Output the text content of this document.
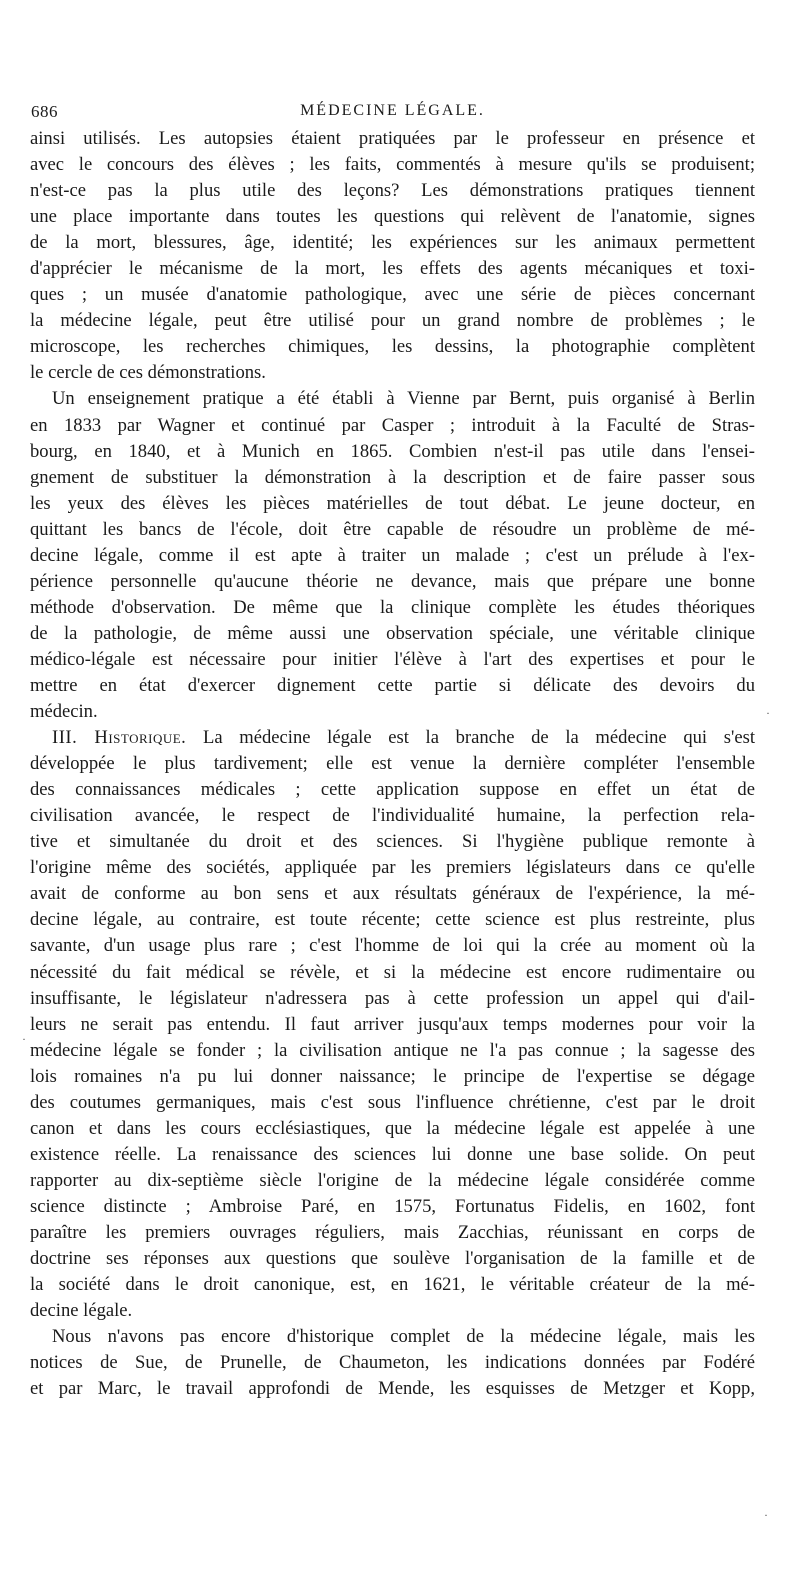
686	MÉDECINE LÉGALE.
ainsi utilisés. Les autopsies étaient pratiquées par le professeur en présence et
avec le concours des élèves ; les faits, commentés à mesure qu'ils se produisent;
n'est-ce pas la plus utile des leçons? Les démonstrations pratiques tiennent
une place importante dans toutes les questions qui relèvent de l'anatomie, signes
de la mort, blessures, âge, identité; les expériences sur les animaux permettent
d'apprécier le mécanisme de la mort, les effets des agents mécaniques et toxi-
ques ; un musée d'anatomie pathologique, avec une série de pièces concernant
la médecine légale, peut être utilisé pour un grand nombre de problèmes ; le
microscope, les recherches chimiques, les dessins, la photographie complètent
le cercle de ces démonstrations.
Un enseignement pratique a été établi à Vienne par Bernt, puis organisé à Berlin
en 1833 par Wagner et continué par Casper ; introduit à la Faculté de Stras-
bourg, en 1840, et à Munich en 1865. Combien n'est-il pas utile dans l'ensei-
gnement de substituer la démonstration à la description et de faire passer sous
les yeux des élèves les pièces matérielles de tout débat. Le jeune docteur, en
quittant les bancs de l'école, doit être capable de résoudre un problème de mé-
decine légale, comme il est apte à traiter un malade ; c'est un prélude à l'ex-
périence personnelle qu'aucune théorie ne devance, mais que prépare une bonne
méthode d'observation. De même que la clinique complète les études théoriques
de la pathologie, de même aussi une observation spéciale, une véritable clinique
médico-légale est nécessaire pour initier l'élève à l'art des expertises et pour le
mettre en état d'exercer dignement cette partie si délicate des devoirs du
médecin.
III. Historique. La médecine légale est la branche de la médecine qui s'est
développée le plus tardivement; elle est venue la dernière compléter l'ensemble
des connaissances médicales ; cette application suppose en effet un état de
civilisation avancée, le respect de l'individualité humaine, la perfection rela-
tive et simultanée du droit et des sciences. Si l'hygiène publique remonte à
l'origine même des sociétés, appliquée par les premiers législateurs dans ce qu'elle
avait de conforme au bon sens et aux résultats généraux de l'expérience, la mé-
decine légale, au contraire, est toute récente; cette science est plus restreinte, plus
savante, d'un usage plus rare ; c'est l'homme de loi qui la crée au moment où la
nécessité du fait médical se révèle, et si la médecine est encore rudimentaire ou
insuffisante, le législateur n'adressera pas à cette profession un appel qui d'ail-
leurs ne serait pas entendu. Il faut arriver jusqu'aux temps modernes pour voir la
médecine légale se fonder ; la civilisation antique ne l'a pas connue ; la sagesse des
lois romaines n'a pu lui donner naissance; le principe de l'expertise se dégage
des coutumes germaniques, mais c'est sous l'influence chrétienne, c'est par le droit
canon et dans les cours ecclésiastiques, que la médecine légale est appelée à une
existence réelle. La renaissance des sciences lui donne une base solide. On peut
rapporter au dix-septième siècle l'origine de la médecine légale considérée comme
science distincte ; Ambroise Paré, en 1575, Fortunatus Fidelis, en 1602, font
paraître les premiers ouvrages réguliers, mais Zacchias, réunissant en corps de
doctrine ses réponses aux questions que soulève l'organisation de la famille et de
la société dans le droit canonique, est, en 1621, le véritable créateur de la mé-
decine légale.
Nous n'avons pas encore d'historique complet de la médecine légale, mais les
notices de Sue, de Prunelle, de Chaumeton, les indications données par Fodéré
et par Marc, le travail approfondi de Mende, les esquisses de Metzger et Kopp,
·
·
·
